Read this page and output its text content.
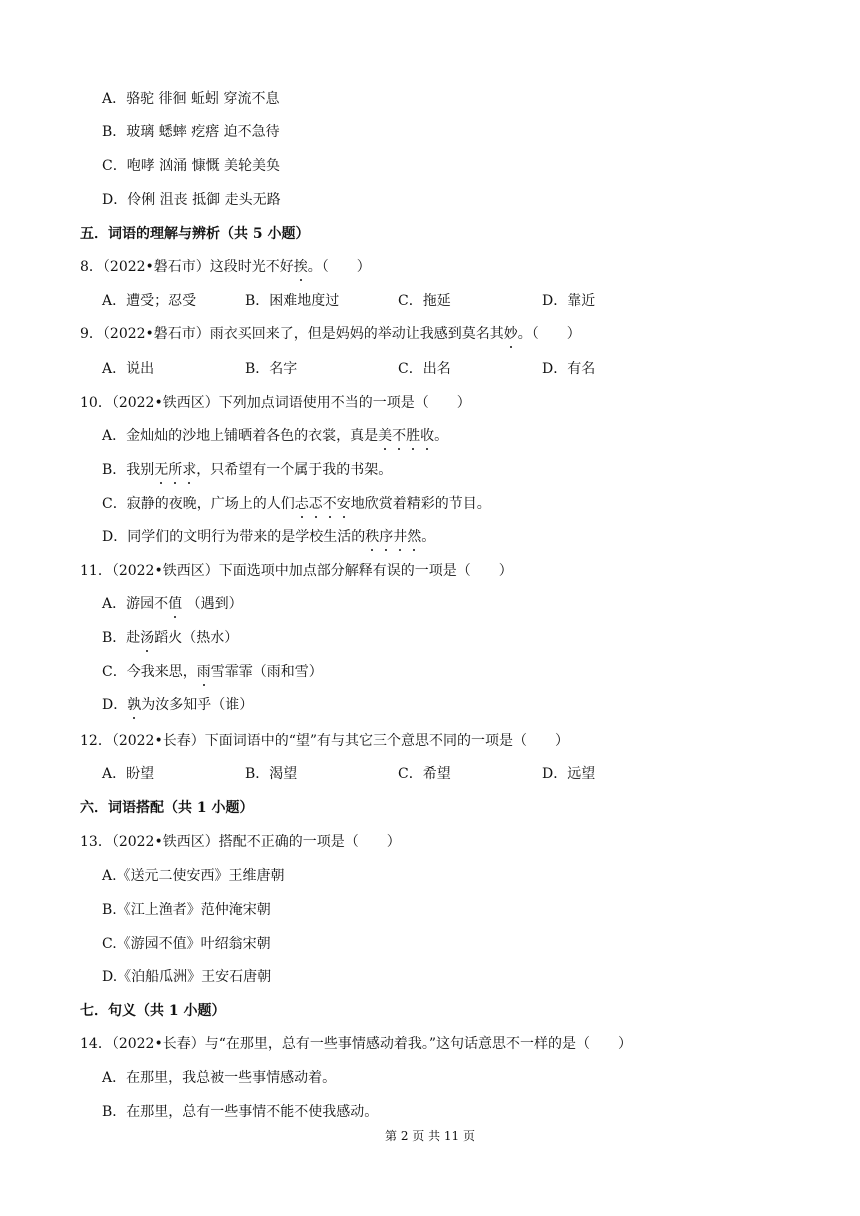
A．骆驼 徘徊 蚯蚓 穿流不息
B．玻璃 蟋蟀 疙瘩 迫不急待
C．咆哮 汹涌 慷慨 美轮美奂
D．伶俐 沮丧 抵御 走头无路
五．词语的理解与辨析（共 5 小题）
8．（2022•磐石市）这段时光不好挨。（　　）
A．遭受；忍受	B．困难地度过	C．拖延	D．靠近
9．（2022•磐石市）雨衣买回来了，但是妈妈的举动让我感到莫名其妙。（　　）
A．说出	B．名字	C．出名	D．有名
10．（2022•铁西区）下列加点词语使用不当的一项是（　　）
A．金灿灿的沙地上铺晒着各色的衣裳，真是美不胜收。
B．我别无所求，只希望有一个属于我的书架。
C．寂静的夜晚，广场上的人们忐忑不安地欣赏着精彩的节目。
D．同学们的文明行为带来的是学校生活的秩序井然。
11．（2022•铁西区）下面选项中加点部分解释有误的一项是（　　）
A．游园不值 （遇到）
B．赴汤蹈火（热水）
C．今我来思，雨雪霏霏（雨和雪）
D．孰为汝多知乎（谁）
12．（2022•长春）下面词语中的“望”有与其它三个意思不同的一项是（　　）
A．盼望	B．渴望	C．希望	D．远望
六．词语搭配（共 1 小题）
13．（2022•铁西区）搭配不正确的一项是（　　）
A.《送元二使安西》王维唐朝
B.《江上渔者》范仲淹宋朝
C.《游园不值》叶绍翁宋朝
D.《泊船瓜洲》王安石唐朝
七．句义（共 1 小题）
14．（2022•长春）与“在那里，总有一些事情感动着我。”这句话意思不一样的是（　　）
A．在那里，我总被一些事情感动着。
B．在那里，总有一些事情不能不使我感动。
第 2 页 共 11 页
